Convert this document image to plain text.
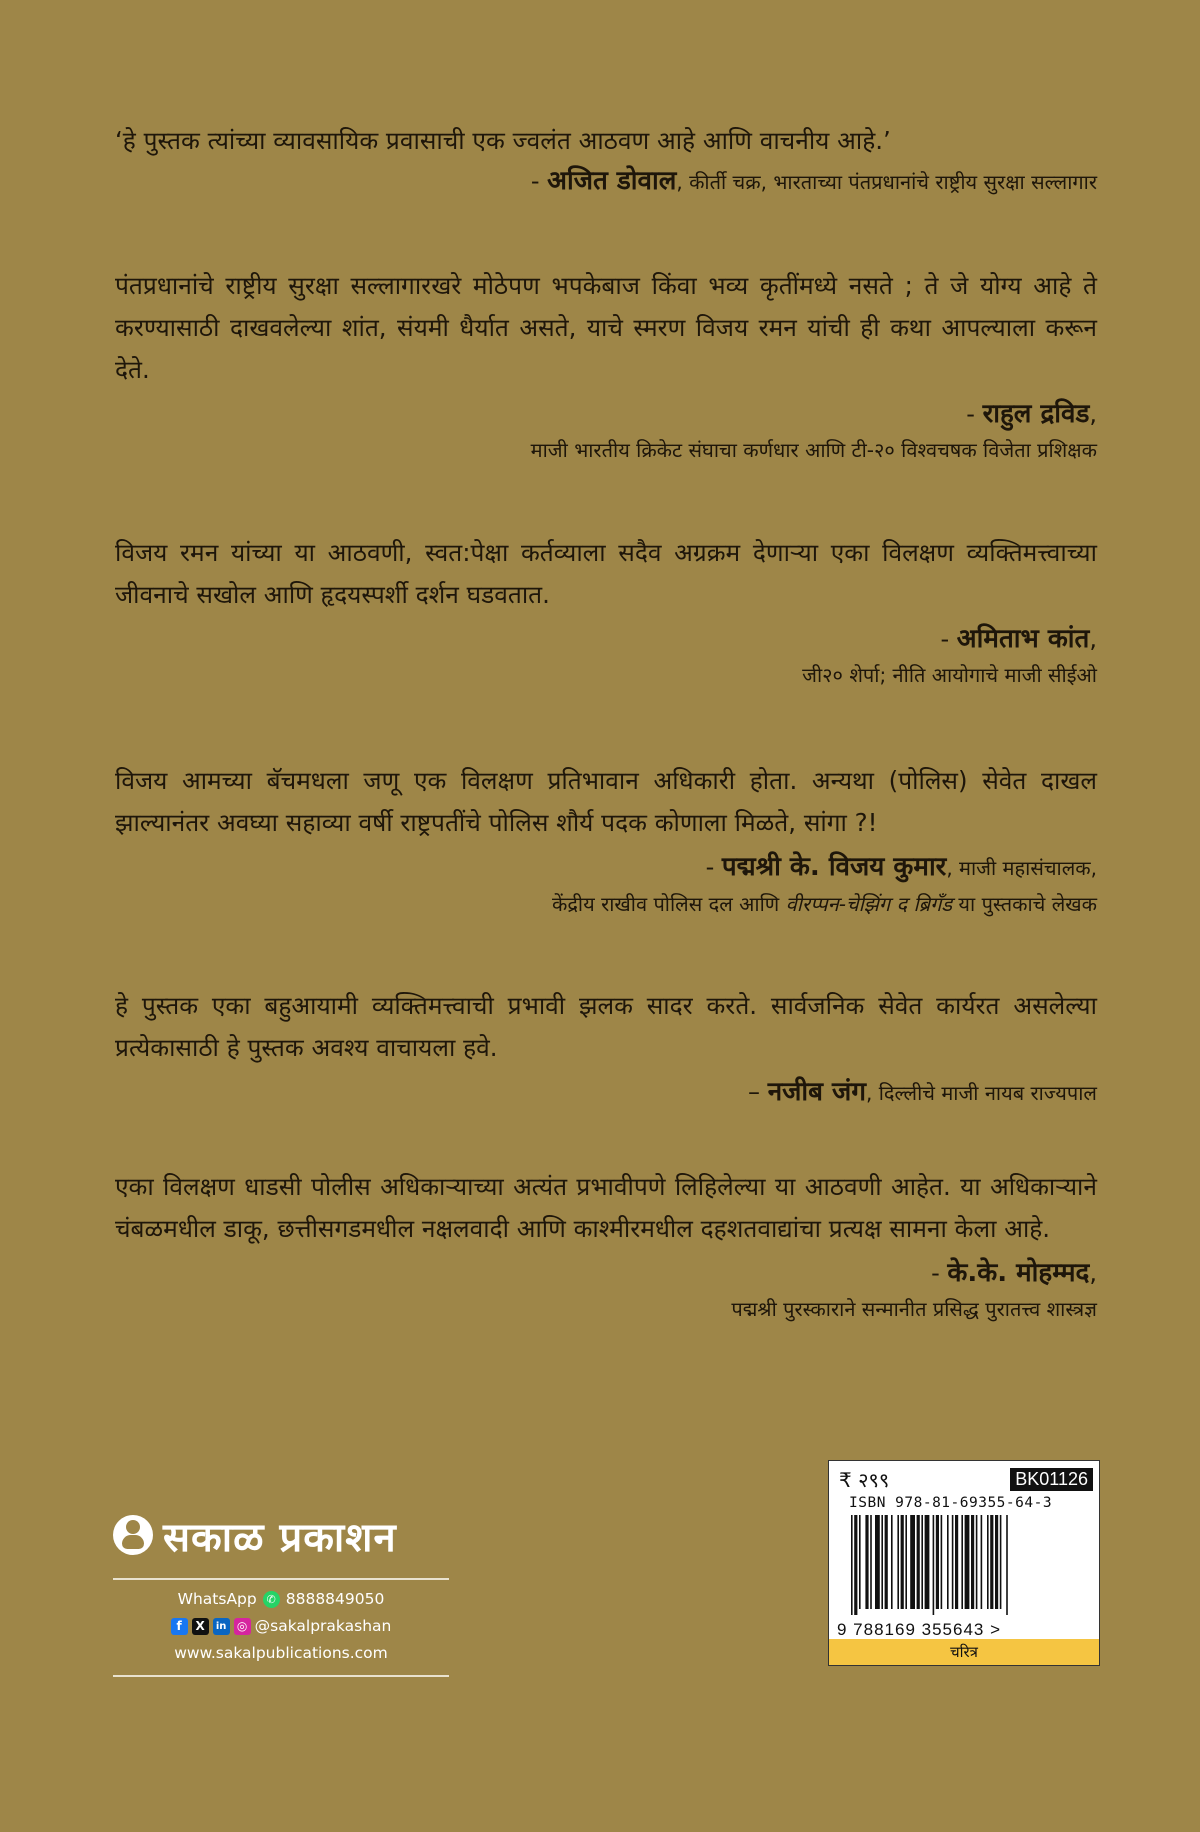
‘हे पुस्तक त्यांच्या व्यावसायिक प्रवासाची एक ज्वलंत आठवण आहे आणि वाचनीय आहे.’

- अजित डोवाल, कीर्ती चक्र, भारताच्या पंतप्रधानांचे राष्ट्रीय सुरक्षा सल्लागार

पंतप्रधानांचे राष्ट्रीय सुरक्षा सल्लागारखरे मोठेपण भपकेबाज किंवा भव्य कृतींमध्ये नसते ; ते जे योग्य आहे ते करण्यासाठी दाखवलेल्या शांत, संयमी धैर्यात असते, याचे स्मरण विजय रमन यांची ही कथा आपल्याला करून देते.

- राहुल द्रविड,
माजी भारतीय क्रिकेट संघाचा कर्णधार आणि टी-२० विश्वचषक विजेता प्रशिक्षक

विजय रमन यांच्या या आठवणी, स्वत:पेक्षा कर्तव्याला सदैव अग्रक्रम देणाऱ्या एका विलक्षण व्यक्तिमत्त्वाच्या जीवनाचे सखोल आणि हृदयस्पर्शी दर्शन घडवतात.

- अमिताभ कांत,
जी२० शेर्पा; नीति आयोगाचे माजी सीईओ

विजय आमच्या बॅचमधला जणू एक विलक्षण प्रतिभावान अधिकारी होता. अन्यथा (पोलिस) सेवेत दाखल झाल्यानंतर अवघ्या सहाव्या वर्षी राष्ट्रपतींचे पोलिस शौर्य पदक कोणाला मिळते, सांगा ?!

- पद्मश्री के. विजय कुमार, माजी महासंचालक,
केंद्रीय राखीव पोलिस दल आणि वीरप्पन-चेझिंग द ब्रिगँड या पुस्तकाचे लेखक

हे पुस्तक एका बहुआयामी व्यक्तिमत्त्वाची प्रभावी झलक सादर करते. सार्वजनिक सेवेत कार्यरत असलेल्या प्रत्येकासाठी हे पुस्तक अवश्य वाचायला हवे.

– नजीब जंग, दिल्लीचे माजी नायब राज्यपाल

एका विलक्षण धाडसी पोलीस अधिकाऱ्याच्या अत्यंत प्रभावीपणे लिहिलेल्या या आठवणी आहेत. या अधिकाऱ्याने चंबळमधील डाकू, छत्तीसगडमधील नक्षलवादी आणि काश्मीरमधील दहशतवाद्यांचा प्रत्यक्ष सामना केला आहे.

- के.के. मोहम्मद,
पद्मश्री पुरस्काराने सन्मानीत प्रसिद्ध पुरातत्त्व शास्त्रज्ञ
सकाळ प्रकाशन
WhatsApp ✆ 8888849050
f	X	in ◎ @sakalprakashan
www.sakalpublications.com
₹ २९९	BK01126
ISBN 978-81-69355-64-3
9 788169 355643 >
चरित्र
